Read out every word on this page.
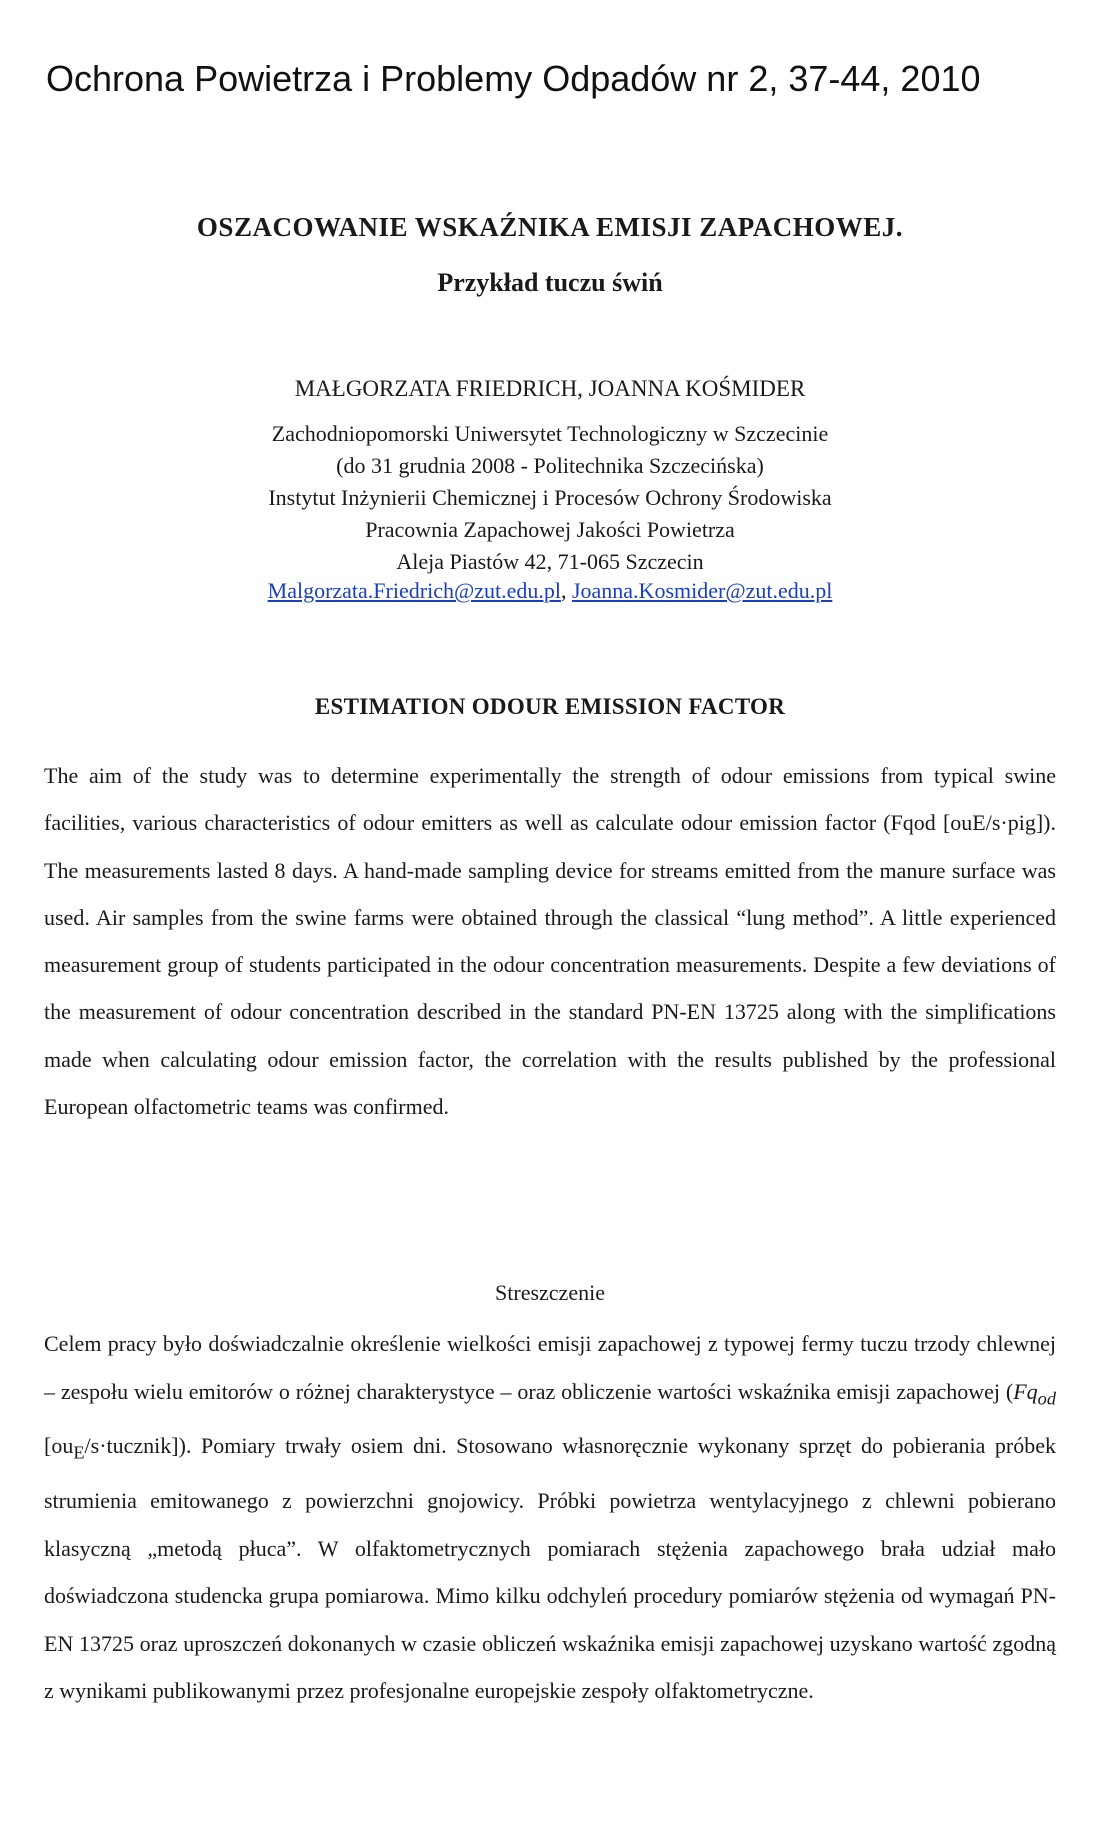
Ochrona Powietrza i Problemy Odpadów nr 2, 37-44, 2010
OSZACOWANIE WSKAŹNIKA EMISJI ZAPACHOWEJ.
Przykład tuczu świń
MAŁGORZATA FRIEDRICH, JOANNA KOŚMIDER
Zachodniopomorski Uniwersytet Technologiczny w Szczecinie
(do 31 grudnia 2008 - Politechnika Szczecińska)
Instytut Inżynierii Chemicznej i Procesów Ochrony Środowiska
Pracownia Zapachowej Jakości Powietrza
Aleja Piastów 42, 71-065 Szczecin
Malgorzata.Friedrich@zut.edu.pl, Joanna.Kosmider@zut.edu.pl
ESTIMATION ODOUR EMISSION FACTOR
The aim of the study was to determine experimentally the strength of odour emissions from typical swine facilities, various characteristics of odour emitters as well as calculate odour emission factor (Fqod [ouE/s·pig]). The measurements lasted 8 days. A hand-made sampling device for streams emitted from the manure surface was used. Air samples from the swine farms were obtained through the classical “lung method”. A little experienced measurement group of students participated in the odour concentration measurements. Despite a few deviations of the measurement of odour concentration described in the standard PN-EN 13725 along with the simplifications made when calculating odour emission factor, the correlation with the results published by the professional European olfactometric teams was confirmed.
Streszczenie
Celem pracy było doświadczalnie określenie wielkości emisji zapachowej z typowej fermy tuczu trzody chlewnej – zespołu wielu emitorów o różnej charakterystyce – oraz obliczenie wartości wskaźnika emisji zapachowej ($Fq_{od}$ $[ou_E/s\cdot tucznik]$). Pomiary trwały osiem dni. Stosowano własnoręcznie wykonany sprzęt do pobierania próbek strumienia emitowanego z powierzchni gnojowicy. Próbki powietrza wentylacyjnego z chlewni pobierano klasyczną „metodą płuca”. W olfaktometrycznych pomiarach stężenia zapachowego brała udział mało doświadczona studencka grupa pomiarowa. Mimo kilku odchyleń procedury pomiarów stężenia od wymagań PN-EN 13725 oraz uproszczeń dokonanych w czasie obliczeń wskaźnika emisji zapachowej uzyskano wartość zgodną z wynikami publikowanymi przez profesjonalne europejskie zespoły olfaktometryczne.
